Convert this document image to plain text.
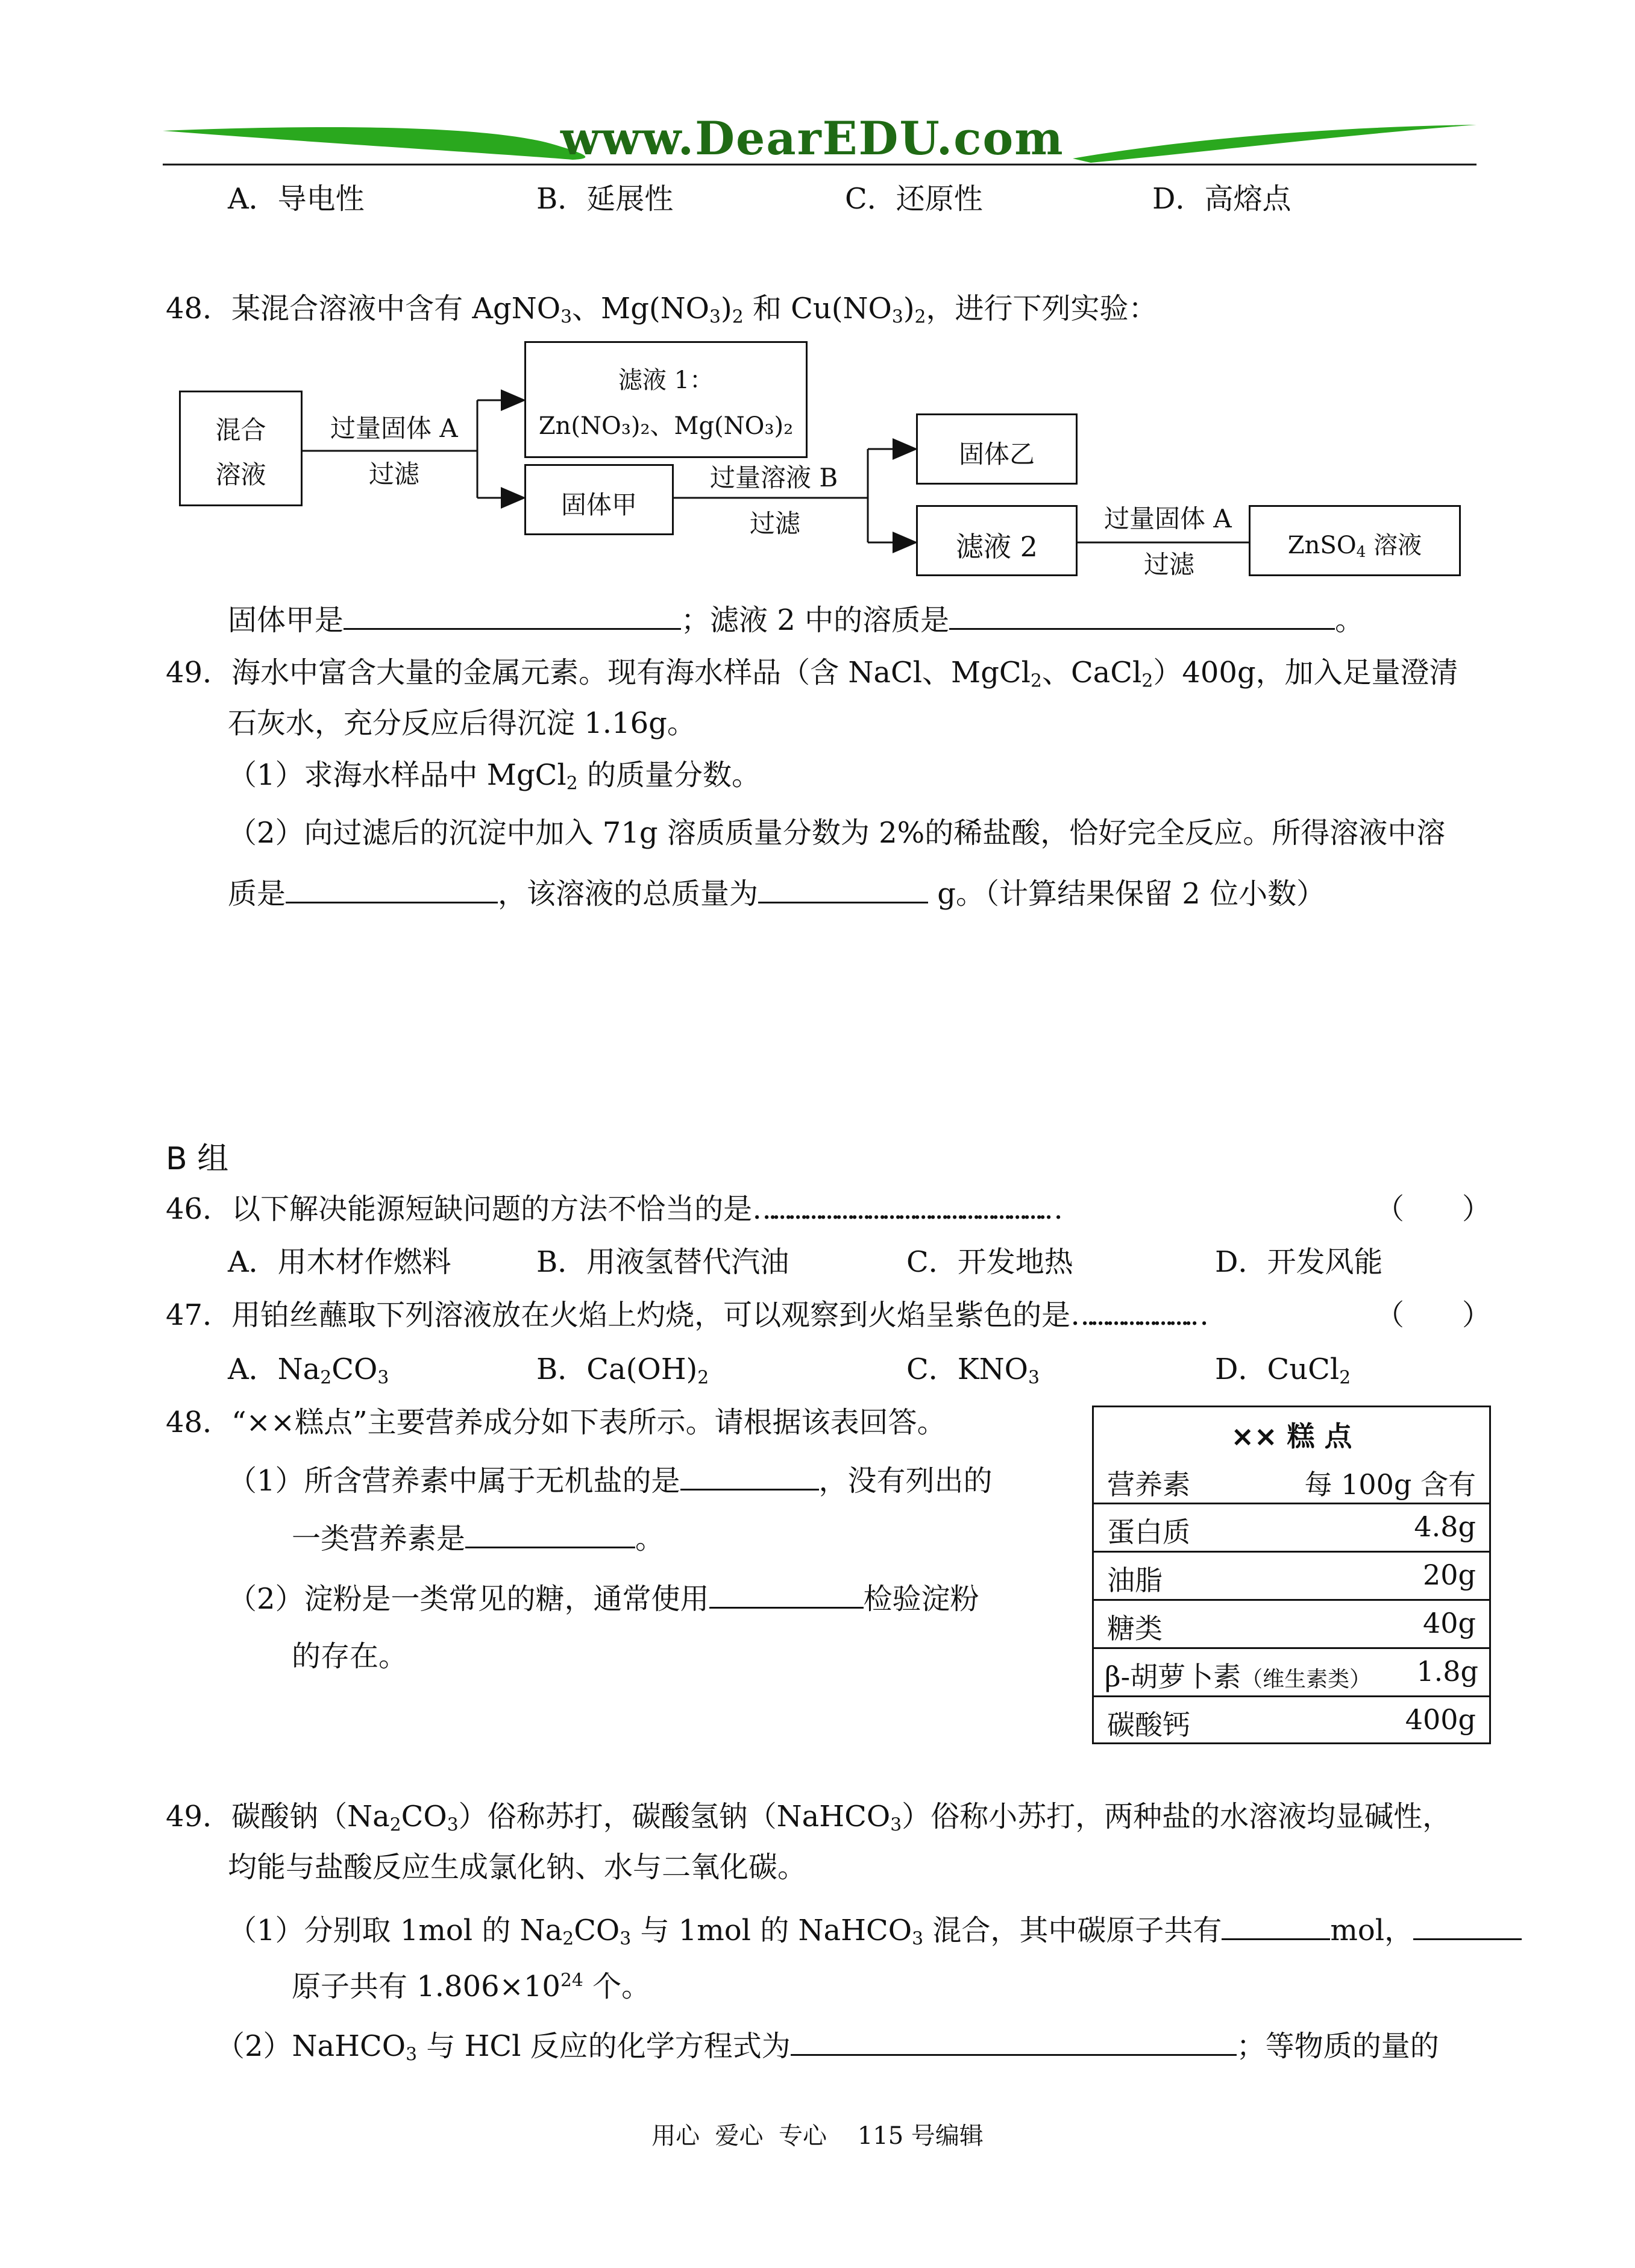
www.DearEDU.com
A．导电性	B．延展性	C．还原性	D．高熔点
48．某混合溶液中含有 AgNO$_3$、$Mg(NO_3)_2$ 和 $Cu(NO_3)_2$，进行下列实验：
混合
溶液
过量固体 A
过滤
滤液 1：
Zn(NO₃)₂、Mg(NO₃)₂
固体甲
过量溶液 B
过滤
固体乙
滤液 2
过量固体 A
过滤
ZnSO$_4$ 溶液
固体甲是	；滤液 2 中的溶质是	。
49．海水中富含大量的金属元素。现有海水样品（含 NaCl、MgCl$_2$、CaCl$_2$）400g，加入足量澄清
石灰水，充分反应后得沉淀 1.16g。
（1）求海水样品中 MgCl$_2$ 的质量分数。
（2）向过滤后的沉淀中加入 71g 溶质质量分数为 2%的稀盐酸，恰好完全反应。所得溶液中溶
质是	，该溶液的总质量为	g。（计算结果保留 2 位小数）
B 组
46．以下解决能源短缺问题的方法不恰当的是…………………………………………………	（　　）
A．用木材作燃料	B．用液氢替代汽油	C．开发地热	D．开发风能
47．用铂丝蘸取下列溶液放在火焰上灼烧，可以观察到火焰呈紫色的是……………………	（　　）
A．$Na_2CO_3$	B．$Ca(OH)_2$	C．$KNO_3$	D．CuCl$_2$
48．“××糕点”主要营养成分如下表所示。请根据该表回答。
（1）所含营养素中属于无机盐的是	，没有列出的
一类营养素是	。
（2）淀粉是一类常见的糖，通常使用	检验淀粉
的存在。
×× 糕 点
营养素	每 100g 含有
蛋白质	4.8g
油脂	20g
糖类	40g
β-胡萝卜素（维生素类） 1.8g
碳酸钙	400g
49．碳酸钠$(Na_2CO_3)$俗称苏打，碳酸氢钠（NaHCO$_3$）俗称小苏打，两种盐的水溶液均显碱性，
均能与盐酸反应生成氯化钠、水与二氧化碳。
（1）分别取 1mol 的 $Na_2CO_3$ 与 1mol 的 NaHCO$_3$ 混合，其中碳原子共有	mol，
原子共有 $1.806\times 10^{24}$ 个。
（2）NaHCO$_3$ 与 HCl 反应的化学方程式为	；等物质的量的
用心  爱心  专心    115 号编辑
